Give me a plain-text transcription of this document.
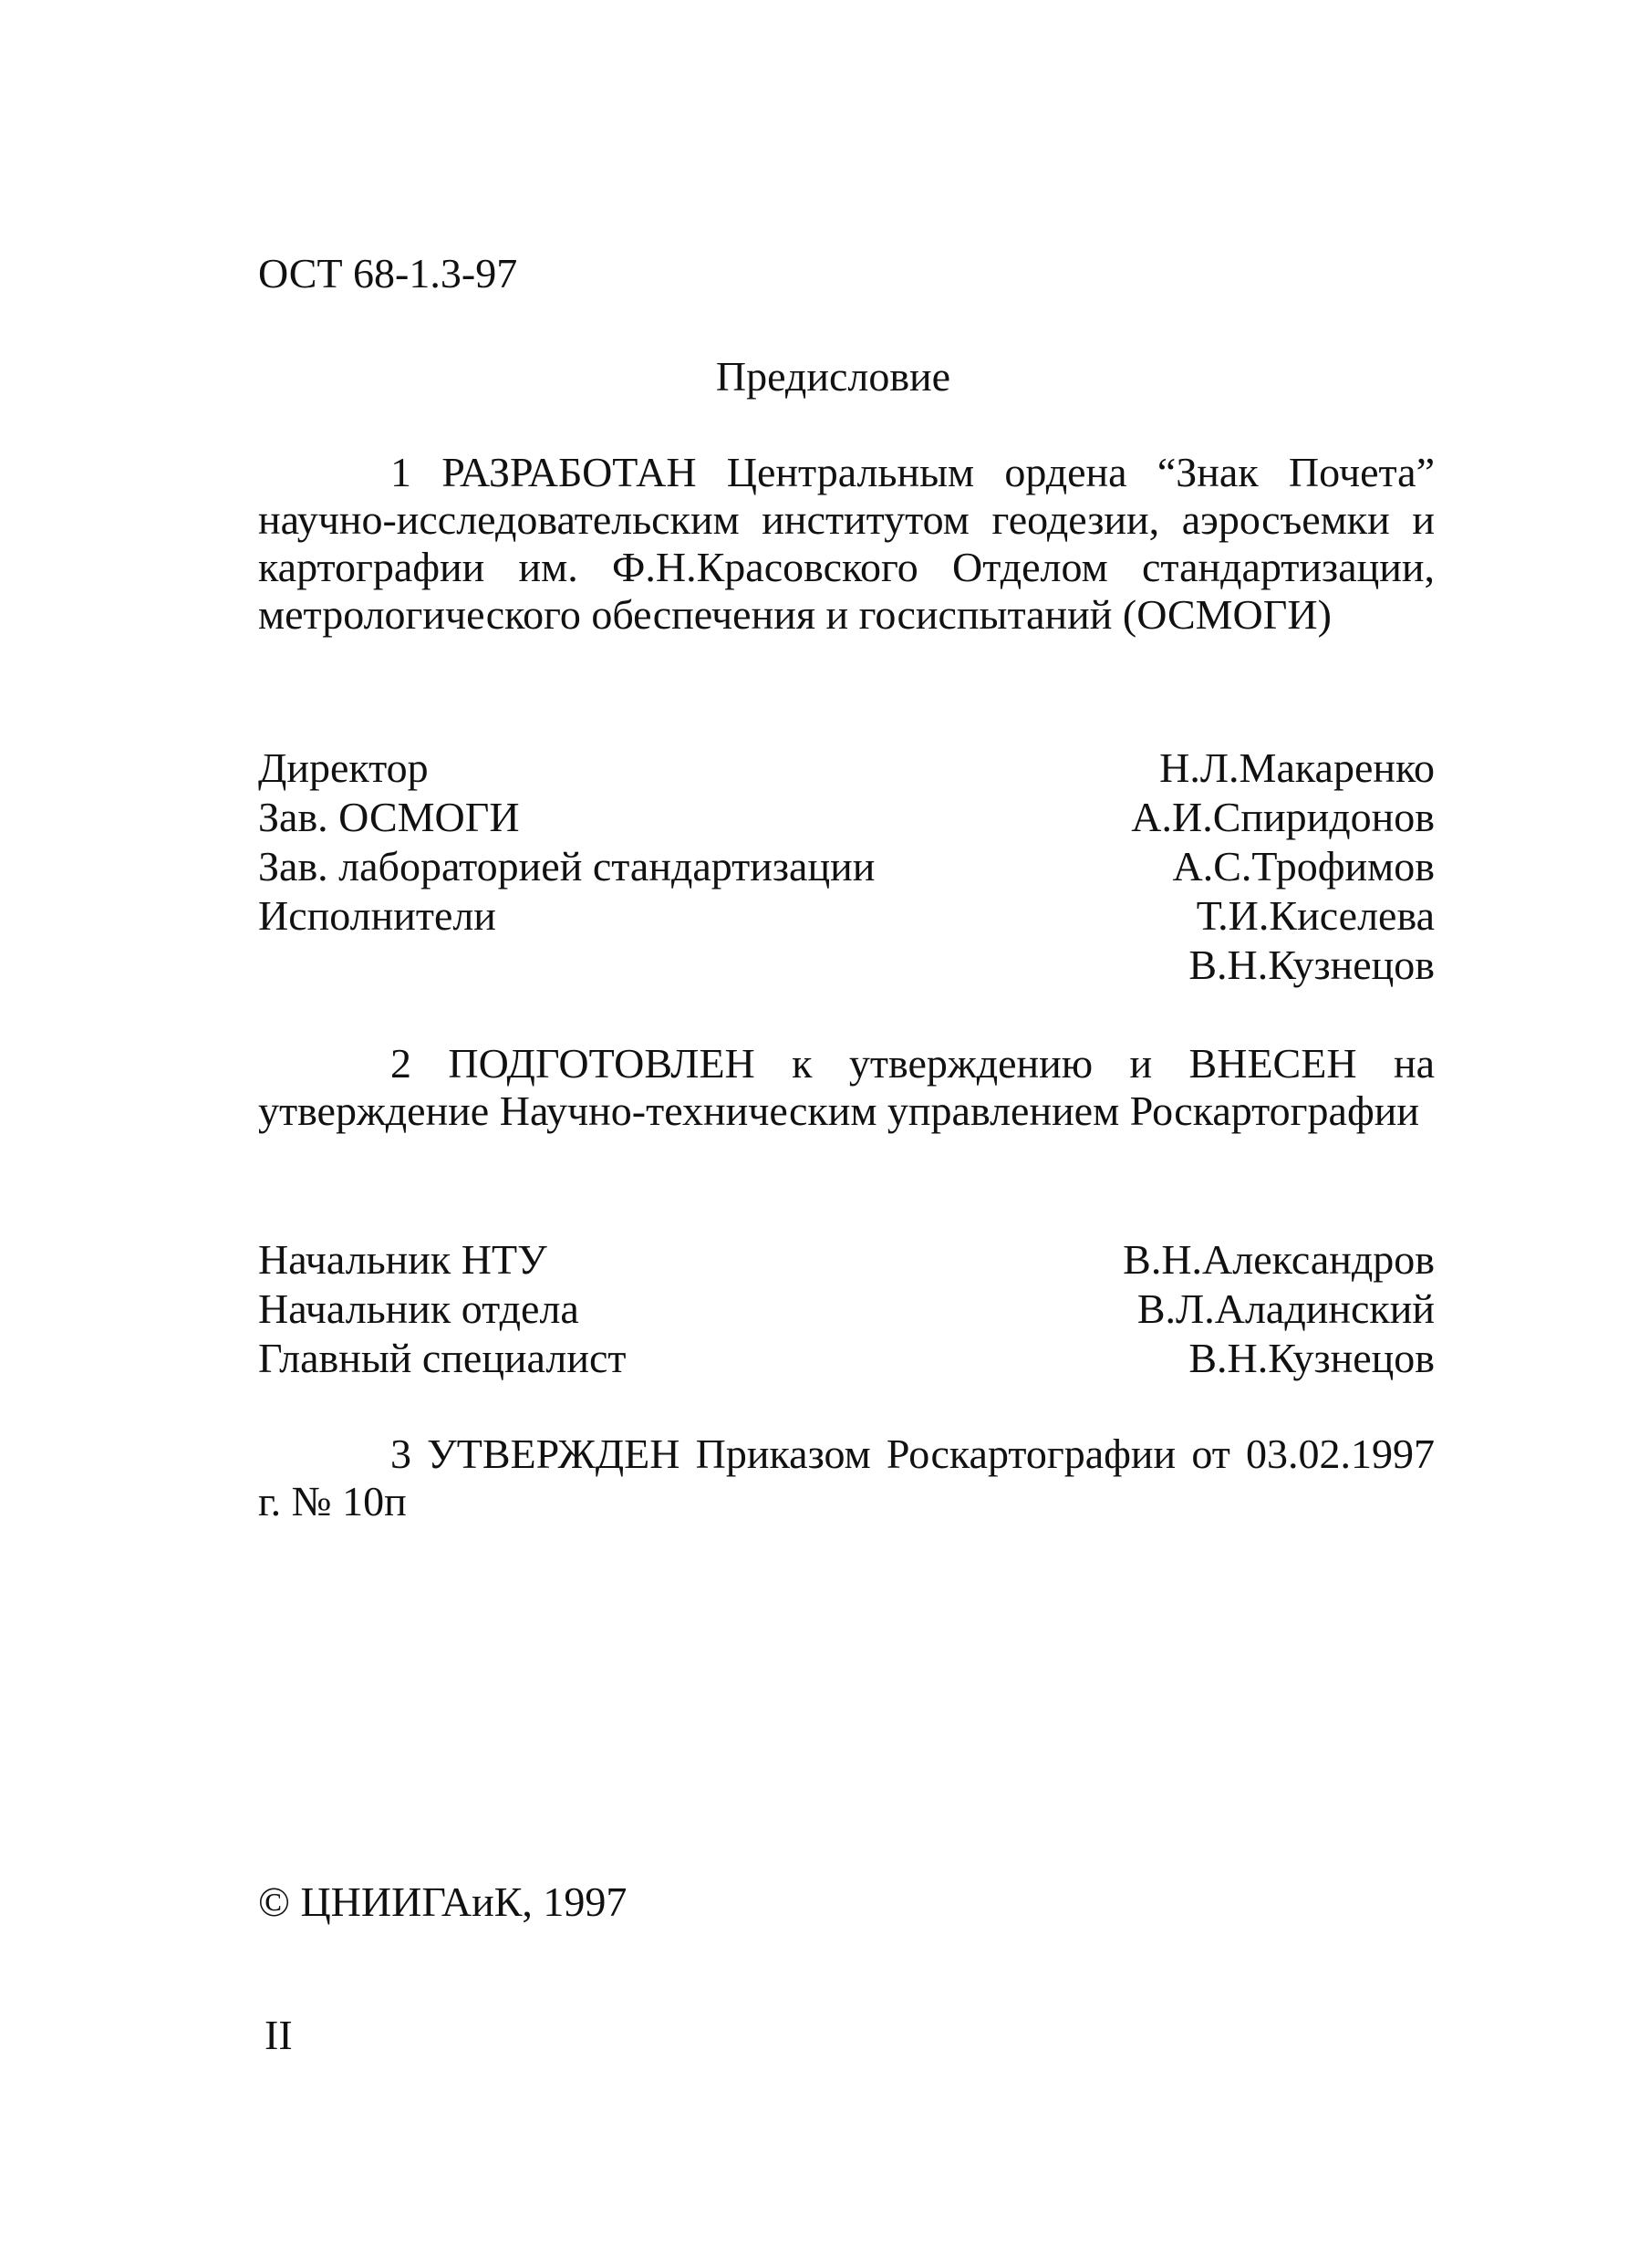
ОСТ 68-1.3-97
Предисловие
1 РАЗРАБОТАН Центральным ордена “Знак Почета” научно-исследовательским институтом геодезии, аэросъемки и картографии им. Ф.Н.Красовского Отделом стандартизации, метрологического обеспечения и госиспытаний (ОСМОГИ)
Директор	Н.Л.Макаренко
Зав. ОСМОГИ	А.И.Спиридонов
Зав. лабораторией стандартизации	А.С.Трофимов
Исполнители	Т.И.Киселева
В.Н.Кузнецов
2 ПОДГОТОВЛЕН к утверждению и ВНЕСЕН на утверждение Научно-техническим управлением Роскартографии
Начальник НТУ	В.Н.Александров
Начальник отдела	В.Л.Аладинский
Главный специалист	В.Н.Кузнецов
3 УТВЕРЖДЕН Приказом Роскартографии от 03.02.1997 г. № 10п
© ЦНИИГАиК, 1997
II
